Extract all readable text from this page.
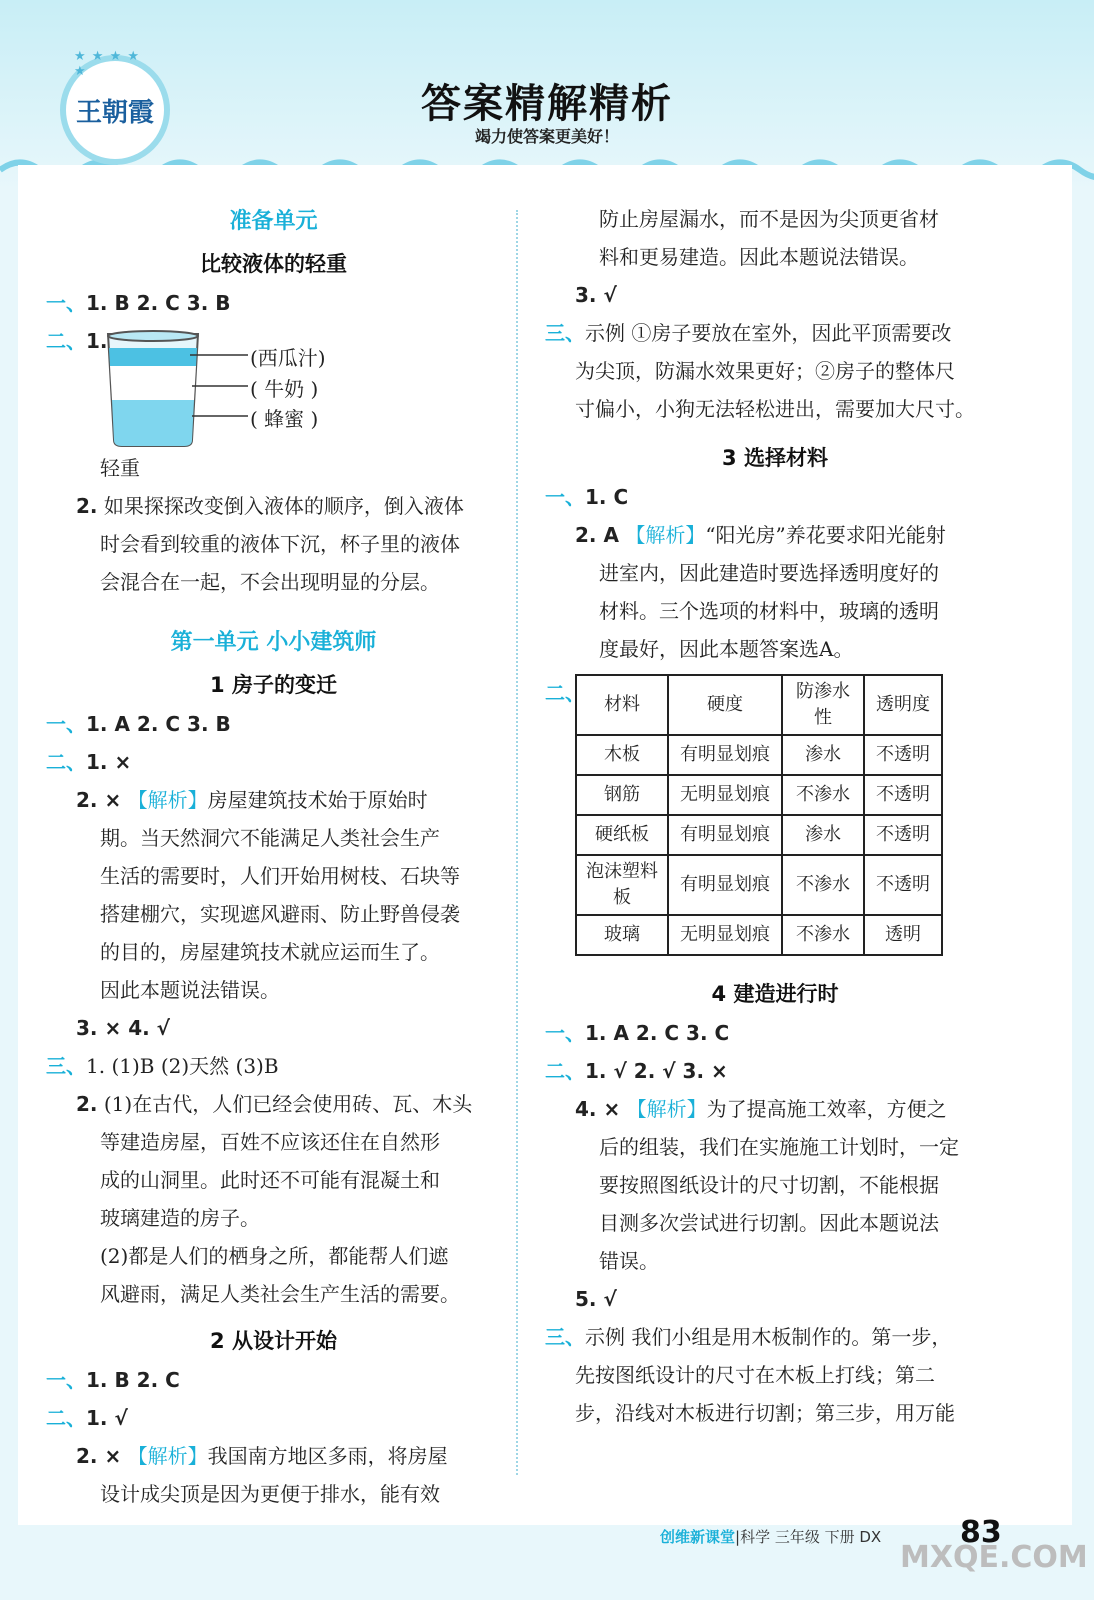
★ ★ ★ ★ ★
王朝霞	答案精解精析
竭力使答案更美好！
准备单元
比较液体的轻重
一、1. B 2. C 3. B
二、1.
(西瓜汁)
( 牛奶 )
( 蜂蜜 )
轻重
2. 如果探探改变倒入液体的顺序，倒入液体
时会看到较重的液体下沉，杯子里的液体
会混合在一起，不会出现明显的分层。
第一单元 小小建筑师
1 房子的变迁
一、1. A 2. C 3. B
二、1. ×
2. × 【解析】房屋建筑技术始于原始时
期。当天然洞穴不能满足人类社会生产
生活的需要时，人们开始用树枝、石块等
搭建棚穴，实现遮风避雨、防止野兽侵袭
的目的，房屋建筑技术就应运而生了。
因此本题说法错误。
3. × 4. √
三、1. (1)B (2)天然 (3)B
2. (1)在古代，人们已经会使用砖、瓦、木头
等建造房屋，百姓不应该还住在自然形
成的山洞里。此时还不可能有混凝土和
玻璃建造的房子。
(2)都是人们的栖身之所，都能帮人们遮
风避雨，满足人类社会生产生活的需要。
2 从设计开始
一、1. B 2. C
二、1. √
2. × 【解析】我国南方地区多雨，将房屋
设计成尖顶是因为更便于排水，能有效
防止房屋漏水，而不是因为尖顶更省材
料和更易建造。因此本题说法错误。
3. √
三、示例 ①房子要放在室外，因此平顶需要改
为尖顶，防漏水效果更好；②房子的整体尺
寸偏小，小狗无法轻松进出，需要加大尺寸。
3 选择材料
一、1. C
2. A 【解析】“阳光房”养花要求阳光能射
进室内，因此建造时要选择透明度好的
材料。三个选项的材料中，玻璃的透明
度最好，因此本题答案选A。
二、 材料	硬度	防渗水性	透明度
木板	有明显划痕	渗水	不透明
钢筋	无明显划痕	不渗水	不透明
硬纸板	有明显划痕	渗水	不透明
泡沫塑料板	有明显划痕	不渗水	不透明
玻璃	无明显划痕	不渗水	透明
4 建造进行时
一、1. A 2. C 3. C
二、1. √ 2. √ 3. ×
4. × 【解析】为了提高施工效率，方便之
后的组装，我们在实施施工计划时，一定
要按照图纸设计的尺寸切割，不能根据
目测多次尝试进行切割。因此本题说法
错误。
5. √
三、示例 我们小组是用木板制作的。第一步，
先按图纸设计的尺寸在木板上打线；第二
步，沿线对木板进行切割；第三步，用万能
创维新课堂|科学 三年级 下册 DX	83
MXQE.COM
